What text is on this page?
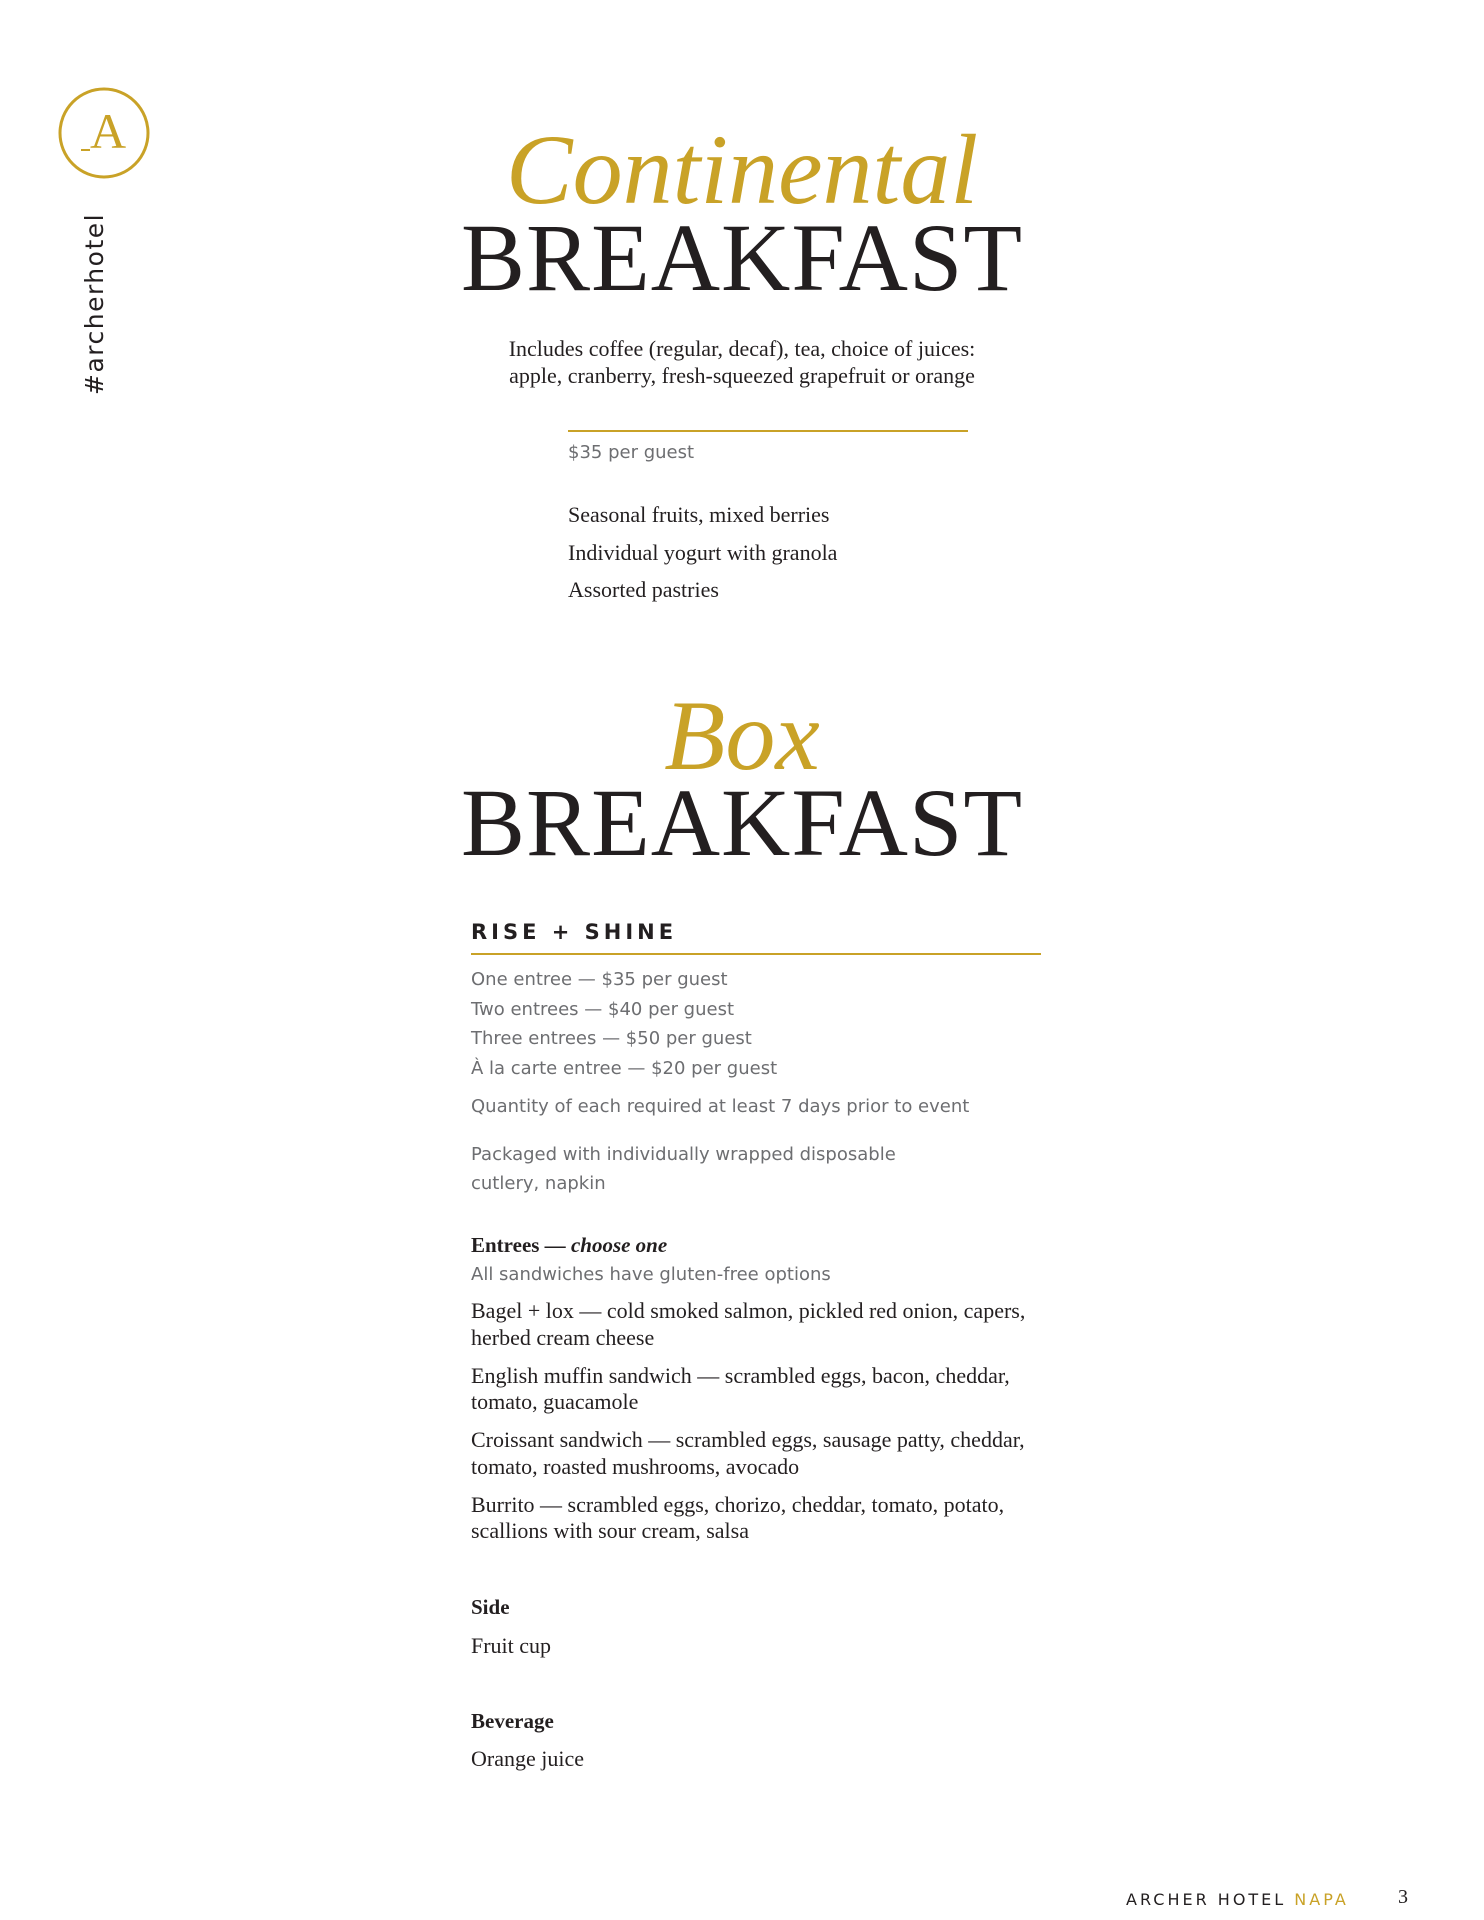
A
#archerhotel
Continental
BREAKFAST
Includes coffee (regular, decaf), tea, choice of juices:
apple, cranberry, fresh-squeezed grapefruit or orange
$35 per guest
Seasonal fruits, mixed berries
Individual yogurt with granola
Assorted pastries
Box
BREAKFAST
RISE + SHINE
One entree — $35 per guest
Two entrees — $40 per guest
Three entrees — $50 per guest
À la carte entree — $20 per guest
Quantity of each required at least 7 days prior to event
Packaged with individually wrapped disposable
cutlery, napkin
Entrees — choose one
All sandwiches have gluten-free options
Bagel + lox — cold smoked salmon, pickled red onion, capers,
herbed cream cheese
English muffin sandwich — scrambled eggs, bacon, cheddar,
tomato, guacamole
Croissant sandwich — scrambled eggs, sausage patty, cheddar,
tomato, roasted mushrooms, avocado
Burrito — scrambled eggs, chorizo, cheddar, tomato, potato,
scallions with sour cream, salsa
Side
Fruit cup
Beverage
Orange juice
ARCHER HOTEL NAPA 3
